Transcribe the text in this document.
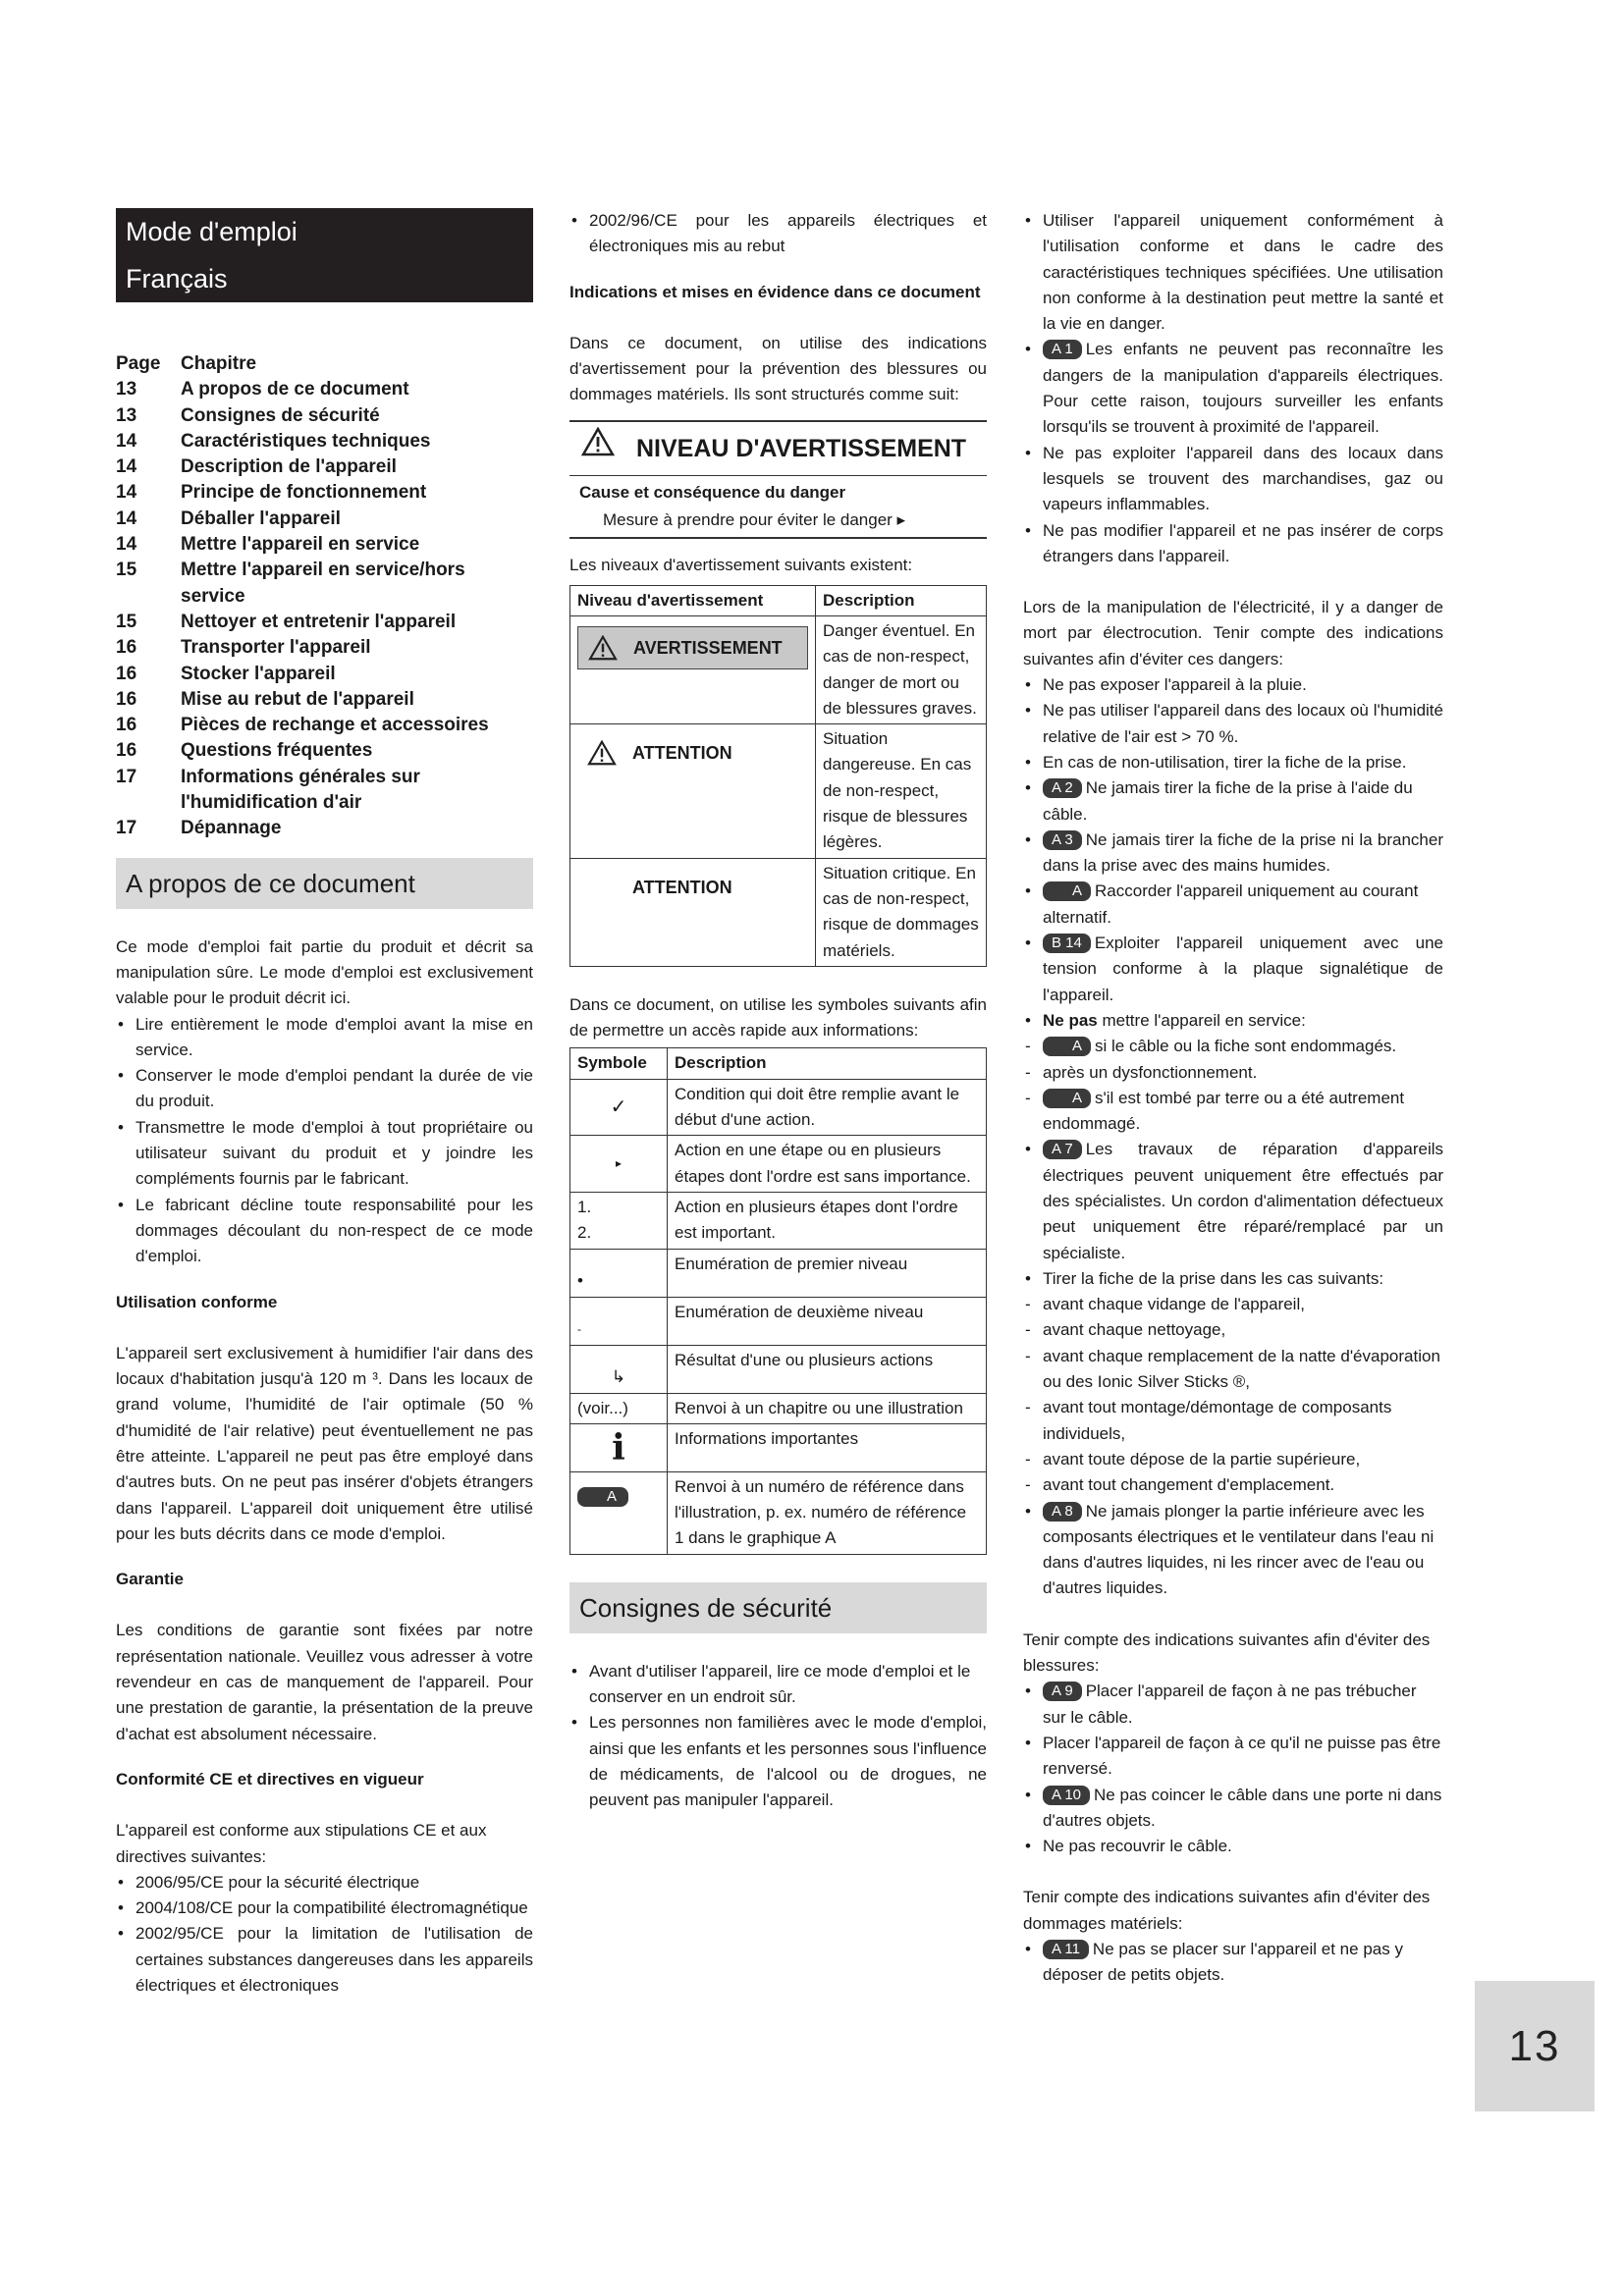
Mode d'emploi
Français
Page	Chapitre
13	A propos de ce document
13	Consignes de sécurité
14	Caractéristiques techniques
14	Description de l'appareil
14	Principe de fonctionnement
14	Déballer l'appareil
14	Mettre l'appareil en service
15	Mettre l'appareil en service/hors service
15	Nettoyer et entretenir l'appareil
16	Transporter l'appareil
16	Stocker l'appareil
16	Mise au rebut de l'appareil
16	Pièces de rechange et accessoires
16	Questions fréquentes
17	Informations générales sur l'humidification d'air
17	Dépannage
A propos de ce document

Ce mode d'emploi fait partie du produit et décrit sa manipulation sûre. Le mode d'emploi est exclusivement valable pour le produit décrit ici.

• Lire entièrement le mode d'emploi avant la mise en service.
• Conserver le mode d'emploi pendant la durée de vie du produit.
• Transmettre le mode d'emploi à tout propriétaire ou utilisateur suivant du produit et y joindre les compléments fournis par le fabricant.
• Le fabricant décline toute responsabilité pour les dommages découlant du non-respect de ce mode d'emploi.
Utilisation conforme

L'appareil sert exclusivement à humidifier l'air dans des locaux d'habitation jusqu'à 120 m ³. Dans les locaux de grand volume, l'humidité de l'air optimale (50 % d'humidité de l'air relative) peut éventuellement ne pas être atteinte. L'appareil ne peut pas être employé dans d'autres buts. On ne peut pas insérer d'objets étrangers dans l'appareil. L'appareil doit uniquement être utilisé pour les buts décrits dans ce mode d'emploi.

Garantie

Les conditions de garantie sont fixées par notre représentation nationale. Veuillez vous adresser à votre revendeur en cas de manquement de l'appareil. Pour une prestation de garantie, la présentation de la preuve d'achat est absolument nécessaire.

Conformité CE et directives en vigueur

L'appareil est conforme aux stipulations CE et aux directives suivantes:

• 2006/95/CE pour la sécurité électrique
• 2004/108/CE pour la compatibilité électromagnétique
• 2002/95/CE pour la limitation de l'utilisation de certaines substances dangereuses dans les appareils électriques et électroniques
• 2002/96/CE pour les appareils électriques et électroniques mis au rebut
Indications et mises en évidence dans ce document

Dans ce document, on utilise des indications d'avertissement pour la prévention des blessures ou dommages matériels. Ils sont structurés comme suit:

NIVEAU D'AVERTISSEMENT
Cause et conséquence du danger
Mesure à prendre pour éviter le danger ▸

Les niveaux d'avertissement suivants existent:

Niveau d'avertissement	Description

AVERTISSEMENT	Danger éventuel. En cas de non-respect, danger de mort ou de blessures graves.

ATTENTION	Situation dangereuse. En cas de non-respect, risque de blessures légères.

ATTENTION	Situation critique. En cas de non-respect, risque de dommages matériels.

Dans ce document, on utilise les symboles suivants afin de permettre un accès rapide aux informations:

Symbole	Description
✓	Condition qui doit être remplie avant le début d'une action.
▸	Action en une étape ou en plusieurs étapes dont l'ordre est sans importance.
1.
2.	Action en plusieurs étapes dont l'ordre est important.
•	Enumération de premier niveau
-	Enumération de deuxième niveau
↳	Résultat d'une ou plusieurs actions
(voir...)	Renvoi à un chapitre ou une illustration
i	Informations importantes
A	Renvoi à un numéro de référence dans l'illustration, p. ex. numéro de référence 1 dans le graphique A
Consignes de sécurité
• Avant d'utiliser l'appareil, lire ce mode d'emploi et le conserver en un endroit sûr.
• Les personnes non familières avec le mode d'emploi, ainsi que les enfants et les personnes sous l'influence de médicaments, de l'alcool ou de drogues, ne peuvent pas manipuler l'appareil.
• Utiliser l'appareil uniquement conformément à l'utilisation conforme et dans le cadre des caractéristiques techniques spécifiées. Une utilisation non conforme à la destination peut mettre la santé et la vie en danger.
• A 1 Les enfants ne peuvent pas reconnaître les dangers de la manipulation d'appareils électriques. Pour cette raison, toujours surveiller les enfants lorsqu'ils se trouvent à proximité de l'appareil.
• Ne pas exploiter l'appareil dans des locaux dans lesquels se trouvent des marchandises, gaz ou vapeurs inflammables.
• Ne pas modifier l'appareil et ne pas insérer de corps étrangers dans l'appareil.

Lors de la manipulation de l'électricité, il y a danger de mort par électrocution. Tenir compte des indications suivantes afin d'éviter ces dangers:

• Ne pas exposer l'appareil à la pluie.
• Ne pas utiliser l'appareil dans des locaux où l'humidité relative de l'air est > 70 %.
• En cas de non-utilisation, tirer la fiche de la prise.
• A 2 Ne jamais tirer la fiche de la prise à l'aide du câble.
• A 3 Ne jamais tirer la fiche de la prise ni la brancher dans la prise avec des mains humides.
• A Raccorder l'appareil uniquement au courant alternatif.
• B 14 Exploiter l'appareil uniquement avec une tension conforme à la plaque signalétique de l'appareil.
• Ne pas mettre l'appareil en service:
- A si le câble ou la fiche sont endommagés.
- après un dysfonctionnement.
- A s'il est tombé par terre ou a été autrement endommagé.
• A 7 Les travaux de réparation d'appareils électriques peuvent uniquement être effectués par des spécialistes. Un cordon d'alimentation défectueux peut uniquement être réparé/remplacé par un spécialiste.
• Tirer la fiche de la prise dans les cas suivants:
- avant chaque vidange de l'appareil,
- avant chaque nettoyage,
- avant chaque remplacement de la natte d'évaporation ou des Ionic Silver Sticks ®,
- avant tout montage/démontage de composants individuels,
- avant toute dépose de la partie supérieure,
- avant tout changement d'emplacement.
• A 8 Ne jamais plonger la partie inférieure avec les composants électriques et le ventilateur dans l'eau ni dans d'autres liquides, ni les rincer avec de l'eau ou d'autres liquides.

Tenir compte des indications suivantes afin d'éviter des blessures:

• A 9 Placer l'appareil de façon à ne pas trébucher sur le câble.
• Placer l'appareil de façon à ce qu'il ne puisse pas être renversé.
• A 10 Ne pas coincer le câble dans une porte ni dans d'autres objets.
• Ne pas recouvrir le câble.

Tenir compte des indications suivantes afin d'éviter des dommages matériels:

• A 11 Ne pas se placer sur l'appareil et ne pas y déposer de petits objets.
13
